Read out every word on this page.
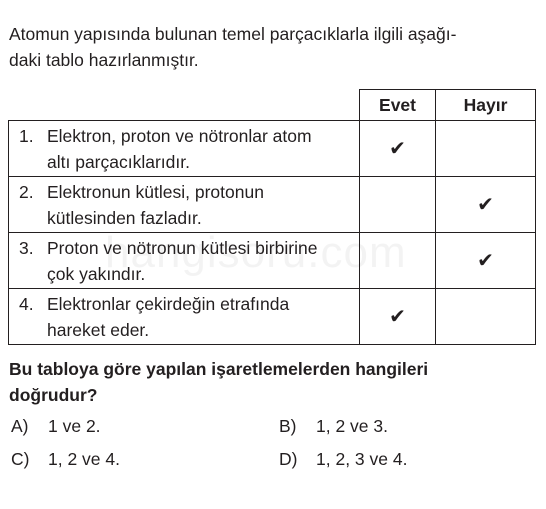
Atomun yapısında bulunan temel parçacıklarla ilgili aşağı-
daki tablo hazırlanmıştır.
	Evet	Hayır

1. Elektron, proton ve nötronlar atom
altı parçacıklarıdır.	✔	

2. Elektronun kütlesi, protonun
kütlesinden fazladır.		✔

3. Proton ve nötronun kütlesi birbirine
çok yakındır.		✔

4. Elektronlar çekirdeğin etrafında
hareket eder.	✔	
Bu tabloya göre yapılan işaretlemelerden hangileri
doğrudur?
A) 1 ve 2.	B) 1, 2 ve 3.
C) 1, 2 ve 4.	D) 1, 2, 3 ve 4.
